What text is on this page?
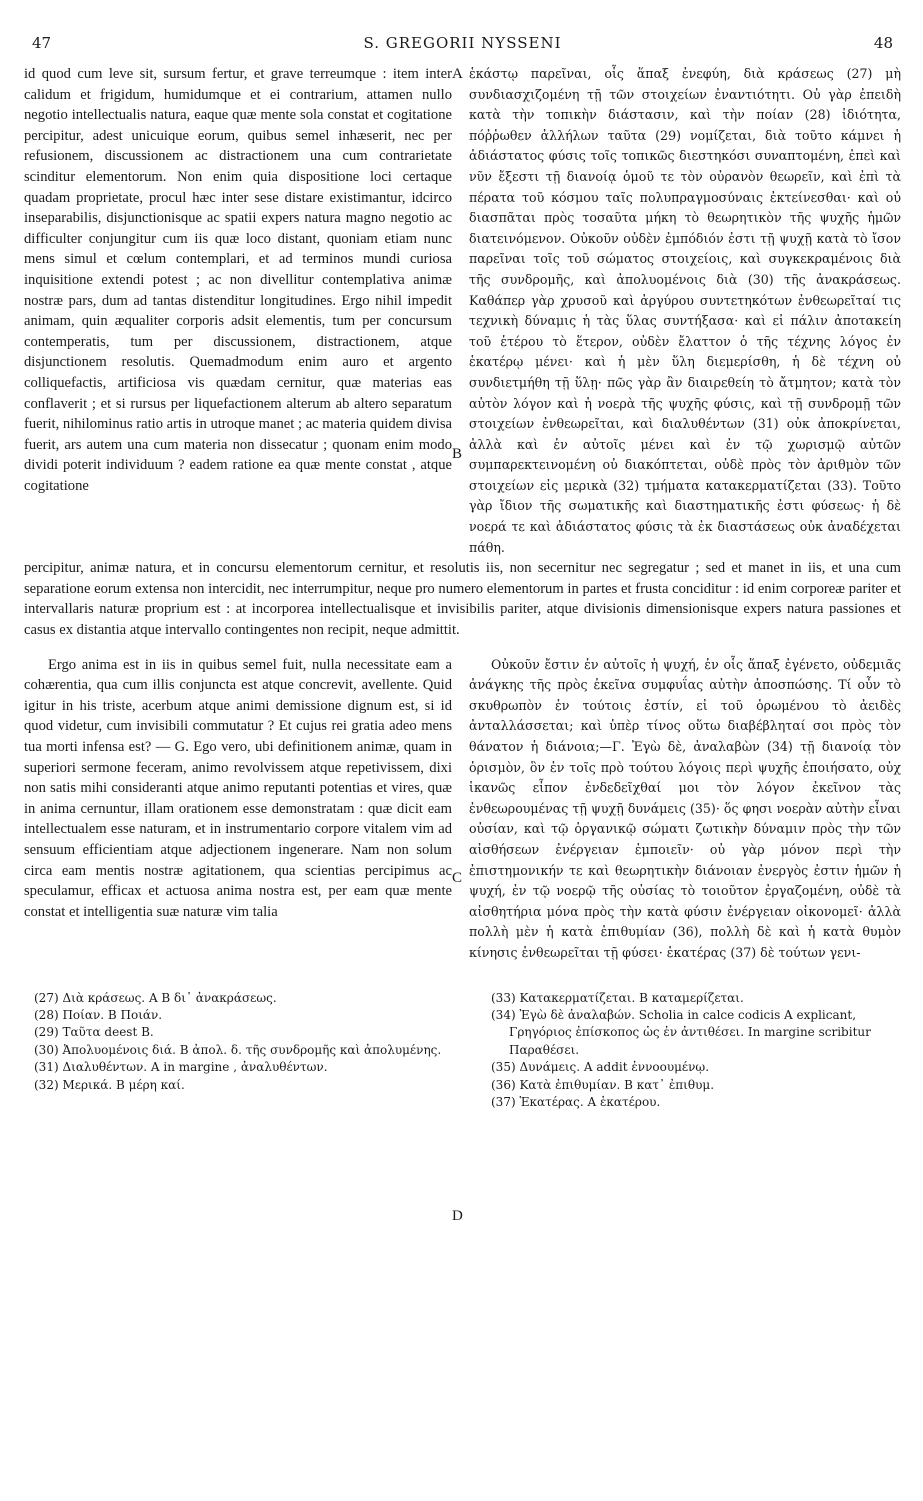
47	S. GREGORII NYSSENI	48
A
B
C
D

id quod cum leve sit, sursum fertur, et grave terreumque : item inter calidum et frigidum, humidumque et ei contrarium, attamen nullo negotio intellectualis natura, eaque quæ mente sola constat et cogitatione percipitur, adest unicuique eorum, quibus semel inhæserit, nec per refusionem, discussionem ac distractionem una cum contrarietate scinditur elementorum. Non enim quia dispositione loci certaque quadam proprietate, procul hæc inter sese distare existimantur, idcirco inseparabilis, disjunctionisque ac spatii expers natura magno negotio ac difficulter conjungitur cum iis quæ loco distant, quoniam etiam nunc mens simul et cœlum contemplari, et ad terminos mundi curiosa inquisitione extendi potest ; ac non divellitur contemplativa animæ nostræ pars, dum ad tantas distenditur longitudines. Ergo nihil impedit animam, quin æqualiter corporis adsit elementis, tum per concursum contemperatis, tum per discussionem, distractionem, atque disjunctionem resolutis. Quemadmodum enim auro et argento colliquefactis, artificiosa vis quædam cernitur, quæ materias eas conflaverit ; et si rursus per liquefactionem alterum ab altero separatum fuerit, nihilominus ratio artis in utroque manet ; ac materia quidem divisa fuerit, ars autem una cum materia non dissecatur ; quonam enim modo dividi poterit individuum ? eadem ratione ea quæ mente constat , atque cogitatione

ἑκάστῳ παρεῖναι, οἷς ἅπαξ ἐνεφύη, διὰ κράσεως (27) μὴ συνδιασχιζομένη τῇ τῶν στοιχείων ἐναντιότητι. Οὐ γὰρ ἐπειδὴ κατὰ τὴν τοπικὴν διάστασιν, καὶ τὴν ποίαν (28) ἰδιότητα, πόῤῥωθεν ἀλλήλων ταῦτα (29) νομίζεται, διὰ τοῦτο κάμνει ἡ ἀδιάστατος φύσις τοῖς τοπικῶς διεστηκόσι συναπτομένη, ἐπεὶ καὶ νῦν ἔξεστι τῇ διανοίᾳ ὁμοῦ τε τὸν οὐρανὸν θεωρεῖν, καὶ ἐπὶ τὰ πέρατα τοῦ κόσμου ταῖς πολυπραγμοσύναις ἐκτείνεσθαι· καὶ οὐ διασπᾶται πρὸς τοσαῦτα μήκη τὸ θεωρητικὸν τῆς ψυχῆς ἡμῶν διατεινόμενον. Οὐκοῦν οὐδὲν ἐμπόδιόν ἐστι τῇ ψυχῇ κατὰ τὸ ἴσον παρεῖναι τοῖς τοῦ σώματος στοιχείοις, καὶ συγκεκραμένοις διὰ τῆς συνδρομῆς, καὶ ἀπολυομένοις διὰ (30) τῆς ἀνακράσεως. Καθάπερ γὰρ χρυσοῦ καὶ ἀργύρου συντετηκότων ἐνθεωρεῖταί τις τεχνικὴ δύναμις ἡ τὰς ὕλας συντήξασα· καὶ εἰ πάλιν ἀποτακείη τοῦ ἑτέρου τὸ ἕτερον, οὐδὲν ἔλαττον ὁ τῆς τέχνης λόγος ἐν ἑκατέρῳ μένει· καὶ ἡ μὲν ὕλη διεμερίσθη, ἡ δὲ τέχνη οὐ συνδιετμήθη τῇ ὕλῃ· πῶς γὰρ ἂν διαιρεθείη τὸ ἄτμητον; κατὰ τὸν αὐτὸν λόγον καὶ ἡ νοερὰ τῆς ψυχῆς φύσις, καὶ τῇ συνδρομῇ τῶν στοιχείων ἐνθεωρεῖται, καὶ διαλυθέντων (31) οὐκ ἀποκρίνεται, ἀλλὰ καὶ ἐν αὐτοῖς μένει καὶ ἐν τῷ χωρισμῷ αὐτῶν συμπαρεκτεινομένη οὐ διακόπτεται, οὐδὲ πρὸς τὸν ἀριθμὸν τῶν στοιχείων εἰς μερικὰ (32) τμήματα κατακερματίζεται (33). Τοῦτο γὰρ ἴδιον τῆς σωματικῆς καὶ διαστηματικῆς ἐστι φύσεως· ἡ δὲ νοερά τε καὶ ἀδιάστατος φύσις τὰ ἐκ διαστάσεως οὐκ ἀναδέχεται πάθη.

percipitur, animæ natura, et in concursu elementorum cernitur, et resolutis iis, non secernitur nec segregatur ; sed et manet in iis, et una cum separatione eorum extensa non intercidit, nec interrumpitur, neque pro numero elementorum in partes et frusta conciditur : id enim corporeæ pariter et intervallaris naturæ proprium est : at incorporea intellectualisque et invisibilis pariter, atque divisionis dimensionisque expers natura passiones et casus ex distantia atque intervallo contingentes non recipit, neque admittit.

Ergo anima est in iis in quibus semel fuit, nulla necessitate eam a cohærentia, qua cum illis conjuncta est atque concrevit, avellente. Quid igitur in his triste, acerbum atque animi demissione dignum est, si id quod videtur, cum invisibili commutatur ? Et cujus rei gratia adeo mens tua morti infensa est? — G. Ego vero, ubi definitionem animæ, quam in superiori sermone feceram, animo revolvissem atque repetivissem, dixi non satis mihi consideranti atque animo reputanti potentias et vires, quæ in anima cernuntur, illam orationem esse demonstratam : quæ dicit eam intellectualem esse naturam, et in instrumentario corpore vitalem vim ad sensuum efficientiam atque adjectionem ingenerare. Nam non solum circa eam mentis nostræ agitationem, qua scientias percipimus ac speculamur, efficax et actuosa anima nostra est, per eam quæ mente constat et intelligentia suæ naturæ vim talia

Οὐκοῦν ἔστιν ἐν αὐτοῖς ἡ ψυχή, ἐν οἷς ἅπαξ ἐγένετο, οὐδεμιᾶς ἀνάγκης τῆς πρὸς ἐκεῖνα συμφυΐας αὐτὴν ἀποσπώσης. Τί οὖν τὸ σκυθρωπὸν ἐν τούτοις ἐστίν, εἰ τοῦ ὁρωμένου τὸ ἀειδὲς ἀνταλλάσσεται; καὶ ὑπὲρ τίνος οὕτω διαβέβληταί σοι πρὸς τὸν θάνατον ἡ διάνοια;—Γ. Ἐγὼ δὲ, ἀναλαβὼν (34) τῇ διανοίᾳ τὸν ὁρισμὸν, ὃν ἐν τοῖς πρὸ τούτου λόγοις περὶ ψυχῆς ἐποιήσατο, οὐχ ἱκανῶς εἶπον ἐνδεδεῖχθαί μοι τὸν λόγον ἐκεῖνον τὰς ἐνθεωρουμένας τῇ ψυχῇ δυνάμεις (35)· ὅς φησι νοερὰν αὐτὴν εἶναι οὐσίαν, καὶ τῷ ὀργανικῷ σώματι ζωτικὴν δύναμιν πρὸς τὴν τῶν αἰσθήσεων ἐνέργειαν ἐμποιεῖν· οὐ γὰρ μόνον περὶ τὴν ἐπιστημονικήν τε καὶ θεωρητικὴν διάνοιαν ἐνεργὸς ἐστιν ἡμῶν ἡ ψυχή, ἐν τῷ νοερῷ τῆς οὐσίας τὸ τοιοῦτον ἐργαζομένη, οὐδὲ τὰ αἰσθητήρια μόνα πρὸς τὴν κατὰ φύσιν ἐνέργειαν οἰκονομεῖ· ἀλλὰ πολλὴ μὲν ἡ κατὰ ἐπιθυμίαν (36), πολλὴ δὲ καὶ ἡ κατὰ θυμὸν κίνησις ἐνθεωρεῖται τῇ φύσει· ἑκατέρας (37) δὲ τούτων γενι-

(27) Διὰ κράσεως. A B δι᾽ ἀνακράσεως.

(28) Ποίαν. B Ποιάν.

(29) Ταῦτα deest B.

(30) Ἀπολυομένοις διά. B ἀπολ. δ. τῆς συνδρομῆς καὶ ἀπολυμένης.

(31) Διαλυθέντων. A in margine , ἀναλυθέντων.

(32) Μερικά. B μέρη καί.

(33) Κατακερματίζεται. B καταμερίζεται.

(34) Ἐγὼ δὲ ἀναλαβών. Scholia in calce codicis A explicant, Γρηγόριος ἐπίσκοπος ὡς ἐν ἀντιθέσει. In margine scribitur Παραθέσει.

(35) Δυνάμεις. A addit ἐννοουμένῳ.

(36) Κατὰ ἐπιθυμίαν. B κατ᾽ ἐπιθυμ.

(37) Ἑκατέρας. A ἑκατέρου.
